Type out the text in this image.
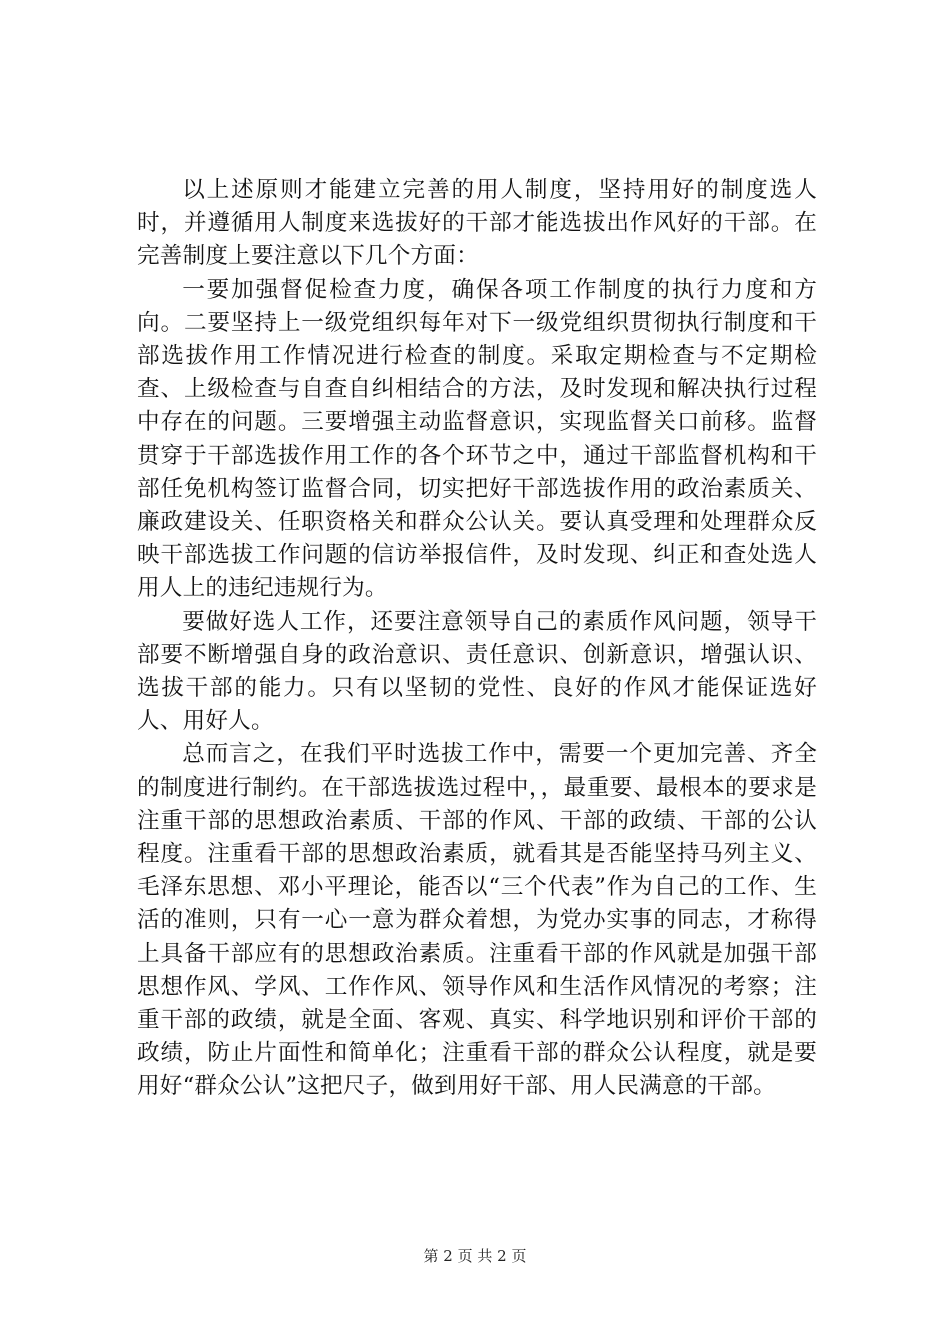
以上述原则才能建立完善的用人制度，坚持用好的制度选人时，并遵循用人制度来选拔好的干部才能选拔出作风好的干部。在完善制度上要注意以下几个方面：

一要加强督促检查力度，确保各项工作制度的执行力度和方向。二要坚持上一级党组织每年对下一级党组织贯彻执行制度和干部选拔作用工作情况进行检查的制度。采取定期检查与不定期检查、上级检查与自查自纠相结合的方法，及时发现和解决执行过程中存在的问题。三要增强主动监督意识，实现监督关口前移。监督贯穿于干部选拔作用工作的各个环节之中，通过干部监督机构和干部任免机构签订监督合同，切实把好干部选拔作用的政治素质关、廉政建设关、任职资格关和群众公认关。要认真受理和处理群众反映干部选拔工作问题的信访举报信件，及时发现、纠正和查处选人用人上的违纪违规行为。

要做好选人工作，还要注意领导自己的素质作风问题，领导干部要不断增强自身的政治意识、责任意识、创新意识，增强认识、选拔干部的能力。只有以坚韧的党性、良好的作风才能保证选好人、用好人。

总而言之，在我们平时选拔工作中，需要一个更加完善、齐全的制度进行制约。在干部选拔选过程中，，最重要、最根本的要求是注重干部的思想政治素质、干部的作风、干部的政绩、干部的公认程度。注重看干部的思想政治素质，就看其是否能坚持马列主义、毛泽东思想、邓小平理论，能否以“三个代表”作为自己的工作、生活的准则，只有一心一意为群众着想，为党办实事的同志，才称得上具备干部应有的思想政治素质。注重看干部的作风就是加强干部思想作风、学风、工作作风、领导作风和生活作风情况的考察；注重干部的政绩，就是全面、客观、真实、科学地识别和评价干部的政绩，防止片面性和简单化；注重看干部的群众公认程度，就是要用好“群众公认”这把尺子，做到用好干部、用人民满意的干部。

第 2 页 共 2 页
